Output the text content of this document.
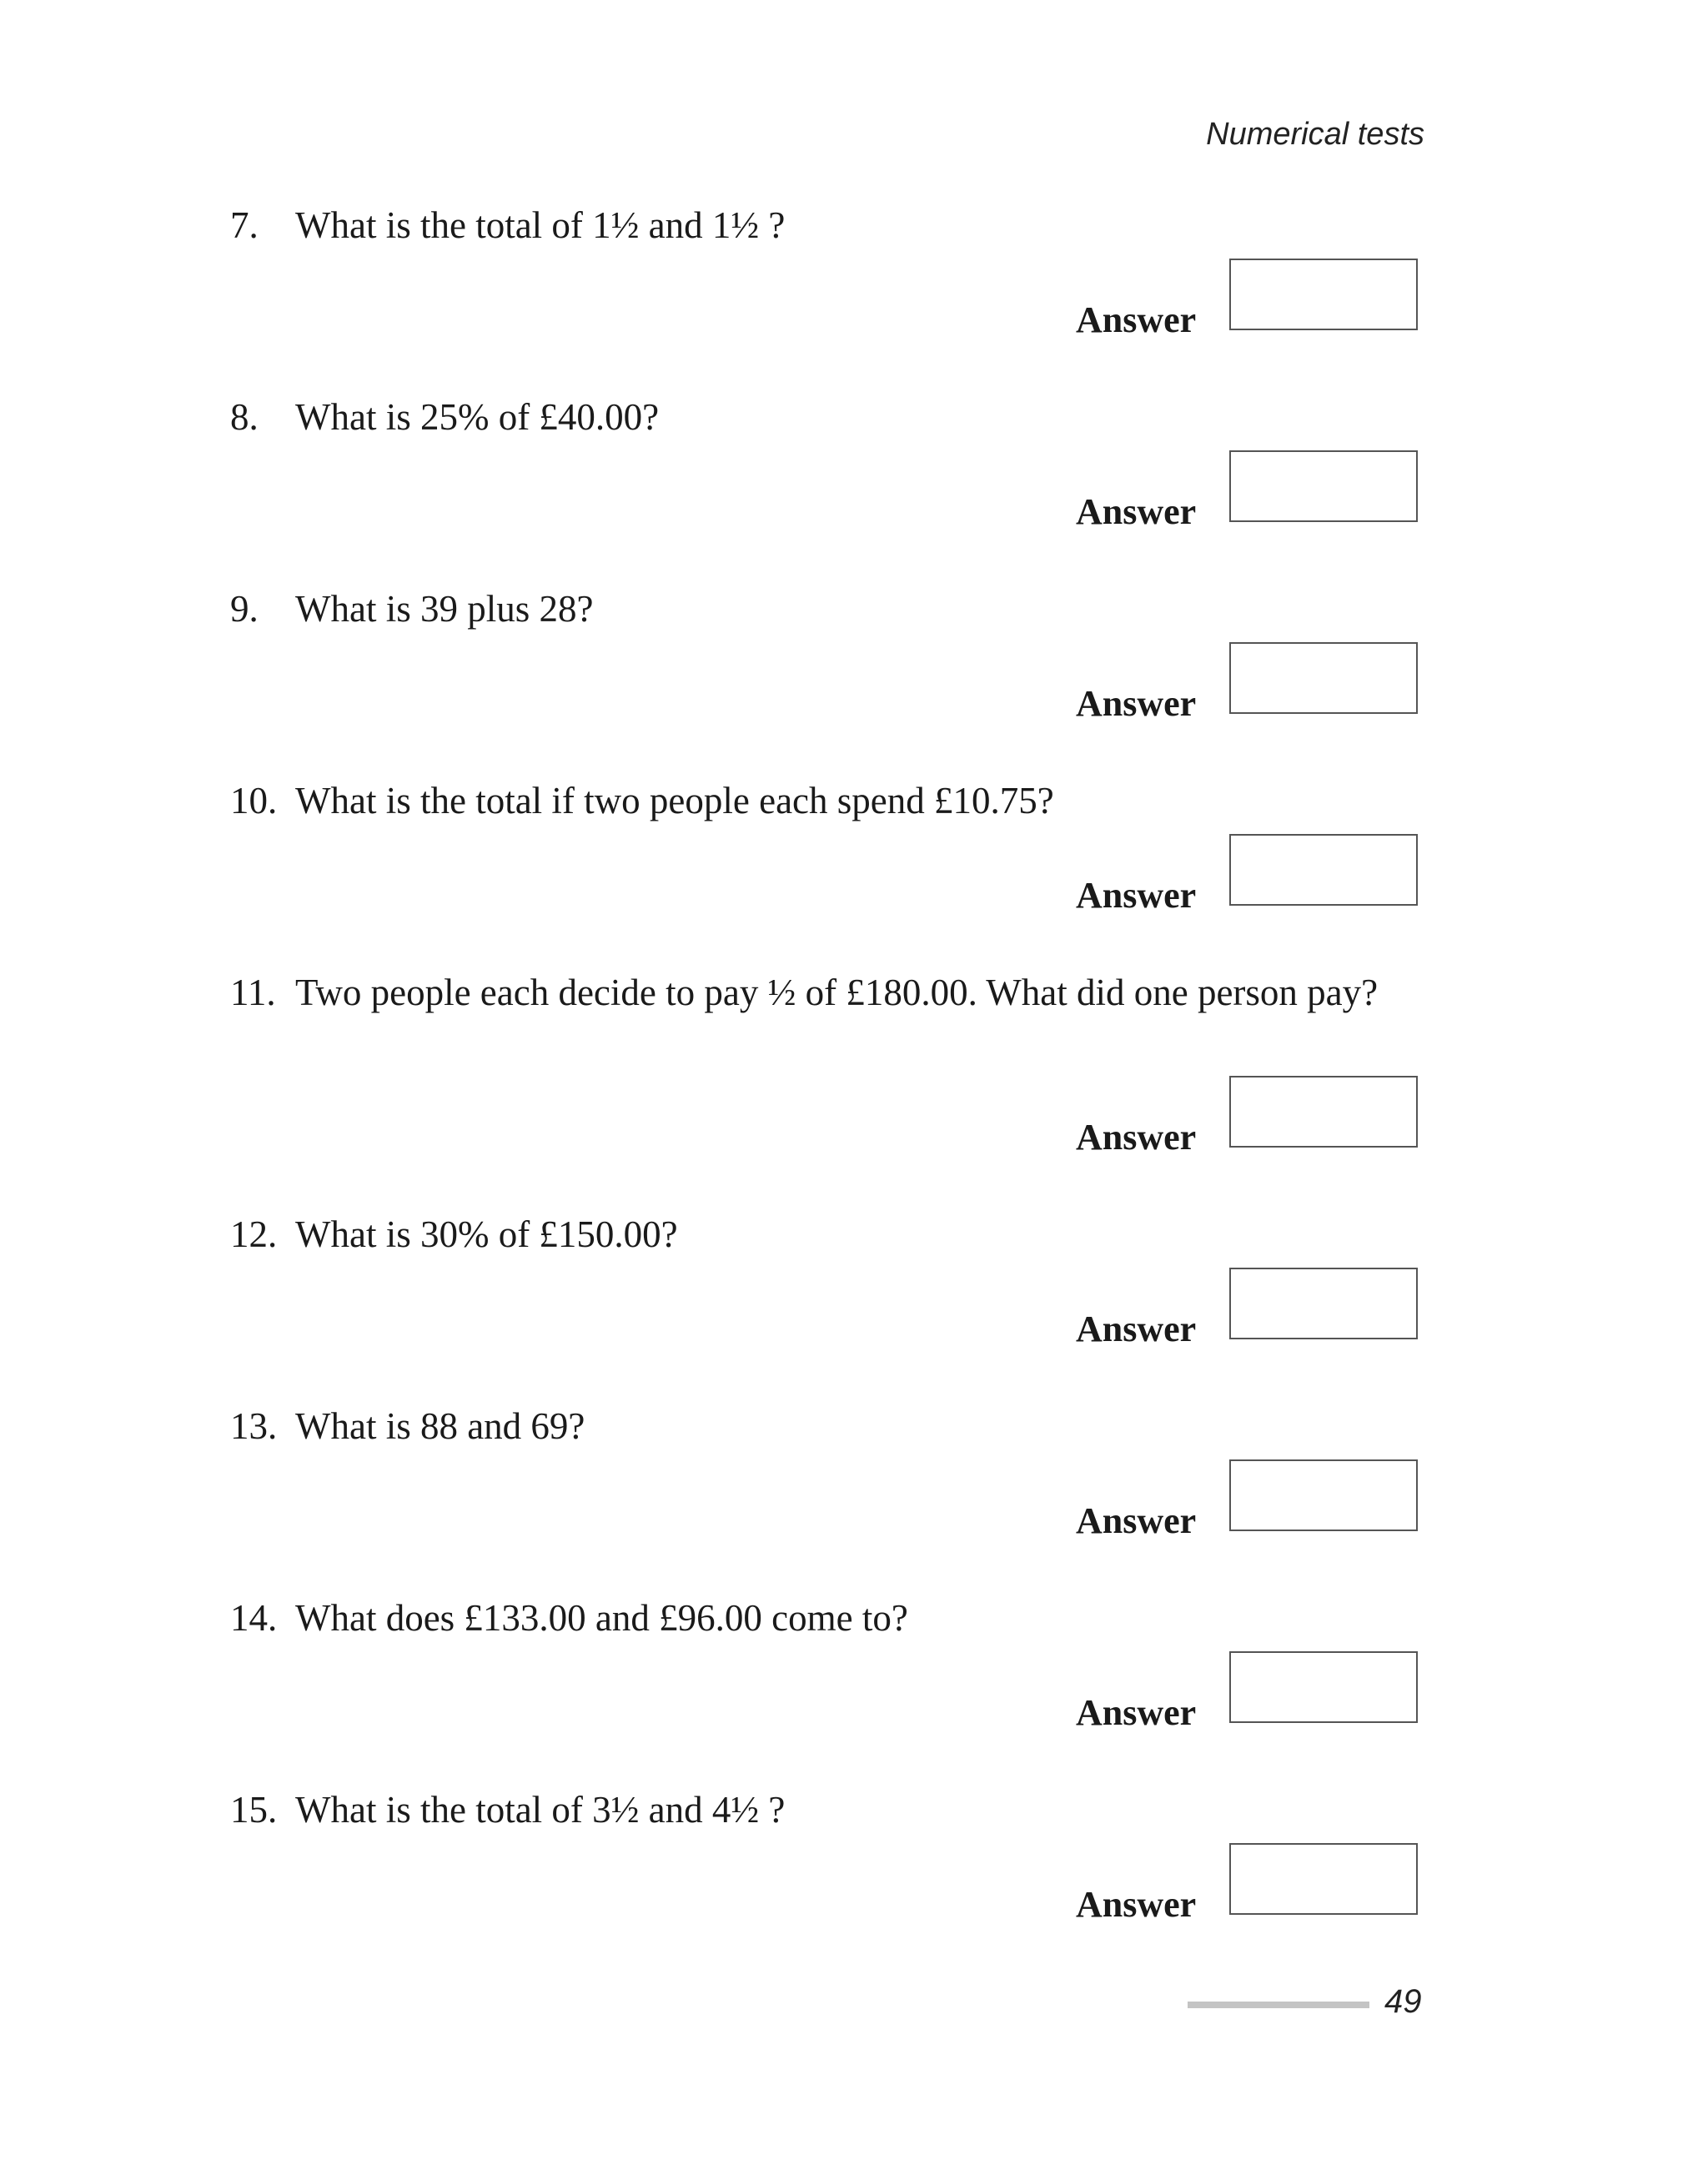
Numerical tests
7. What is the total of 1½ and 1½ ?
Answer
8. What is 25% of £40.00?
Answer
9. What is 39 plus 28?
Answer
10. What is the total if two people each spend £10.75?
Answer
11. Two people each decide to pay ½ of £180.00. What did one person pay?
Answer
12. What is 30% of £150.00?
Answer
13. What is 88 and 69?
Answer
14. What does £133.00 and £96.00 come to?
Answer
15. What is the total of 3½ and 4½ ?
Answer
49
